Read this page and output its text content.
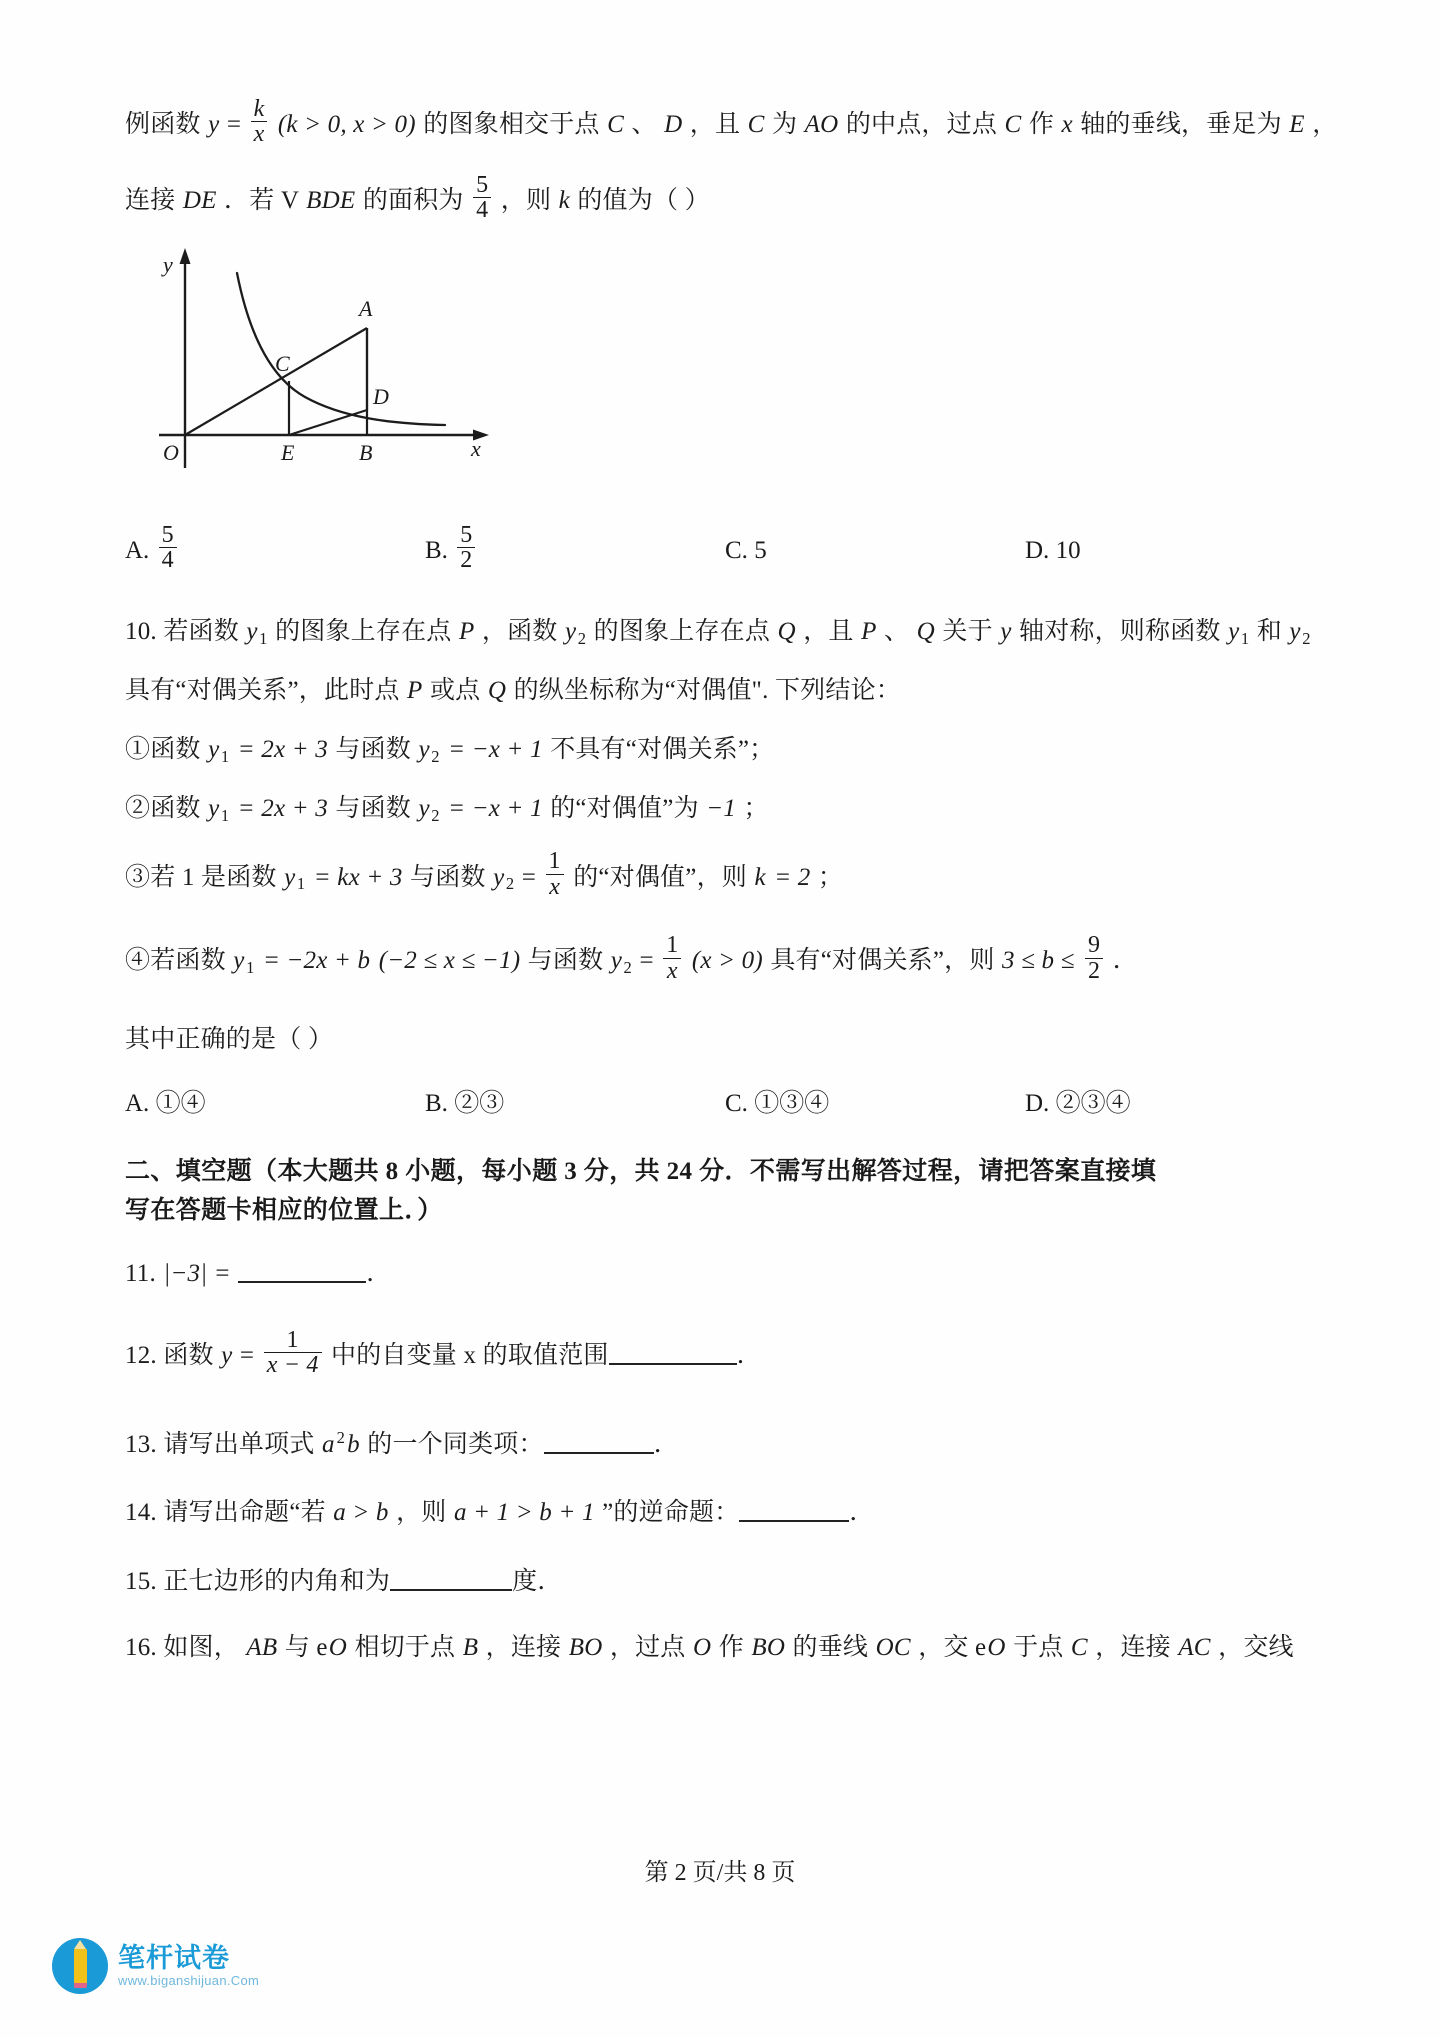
例函数 $y = \frac{k}{x} (k > 0$, x > 0) 的图象相交于点 C 、 D ，且 C 为 AO 的中点，过点 C 作 x 轴的垂线，垂足为 E ，
连接 DE ．若 V BDE 的面积为 $\frac{5}{4}$ ，则 k 的值为（ ）
y
x
O	E	B
C
D
A
A. $\frac{5}{4}$	B. $\frac{5}{2}$	C. 5	D. 10
10. 若函数 $y_1$ 的图象上存在点 P ，函数 $y_2$ 的图象上存在点 Q ，且 P 、 Q 关于 y 轴对称，则称函数 $y_1$ 和 $y_2$
具有“对偶关系”，此时点 P 或点 Q 的纵坐标称为“对偶值". 下列结论：
①函数 $y_1 = 2x + 3$ 与函数 $y_2 = -x + 1$ 不具有“对偶关系”；
②函数 $y_1 = 2x + 3$ 与函数 $y_2 = -x + 1$ 的“对偶值”为 −1 ；
③若 1 是函数 $y_1$ = kx + 3 与函数 $y_2 = \frac{1}{x}$ 的“对偶值”，则 k = 2 ；
④若函数 $y_1 = -2x + b$ (−2 ≤ x ≤ −1) 与函数 $y_2 = \frac{1}{x} (x > 0)$ 具有“对偶关系”，则 $3 \le b \le \frac{9}{2}$ ．
其中正确的是（ ）
A. ①④	B. ②③	C. ①③④	D. ②③④
二、填空题（本大题共 8 小题，每小题 3 分，共 24 分．不需写出解答过程，请把答案直接填
写在答题卡相应的位置上．）
11. |−3| =	．
12. 函数 $y = \frac{1}{x - 4}$ 中的自变量 x 的取值范围	．
13. 请写出单项式 a $^2$b 的一个同类项：	．
14. 请写出命题“若 a > b ，则 a + 1 > b + 1 ”的逆命题：	．
15. 正七边形的内角和为	度．
16. 如图， AB 与 eO 相切于点 B ，连接 BO ，过点 O 作 BO 的垂线 OC ，交 eO 于点 C ，连接 AC ，交线
第 2 页/共 8 页
笔杆试卷
www.biganshijuan.Com
